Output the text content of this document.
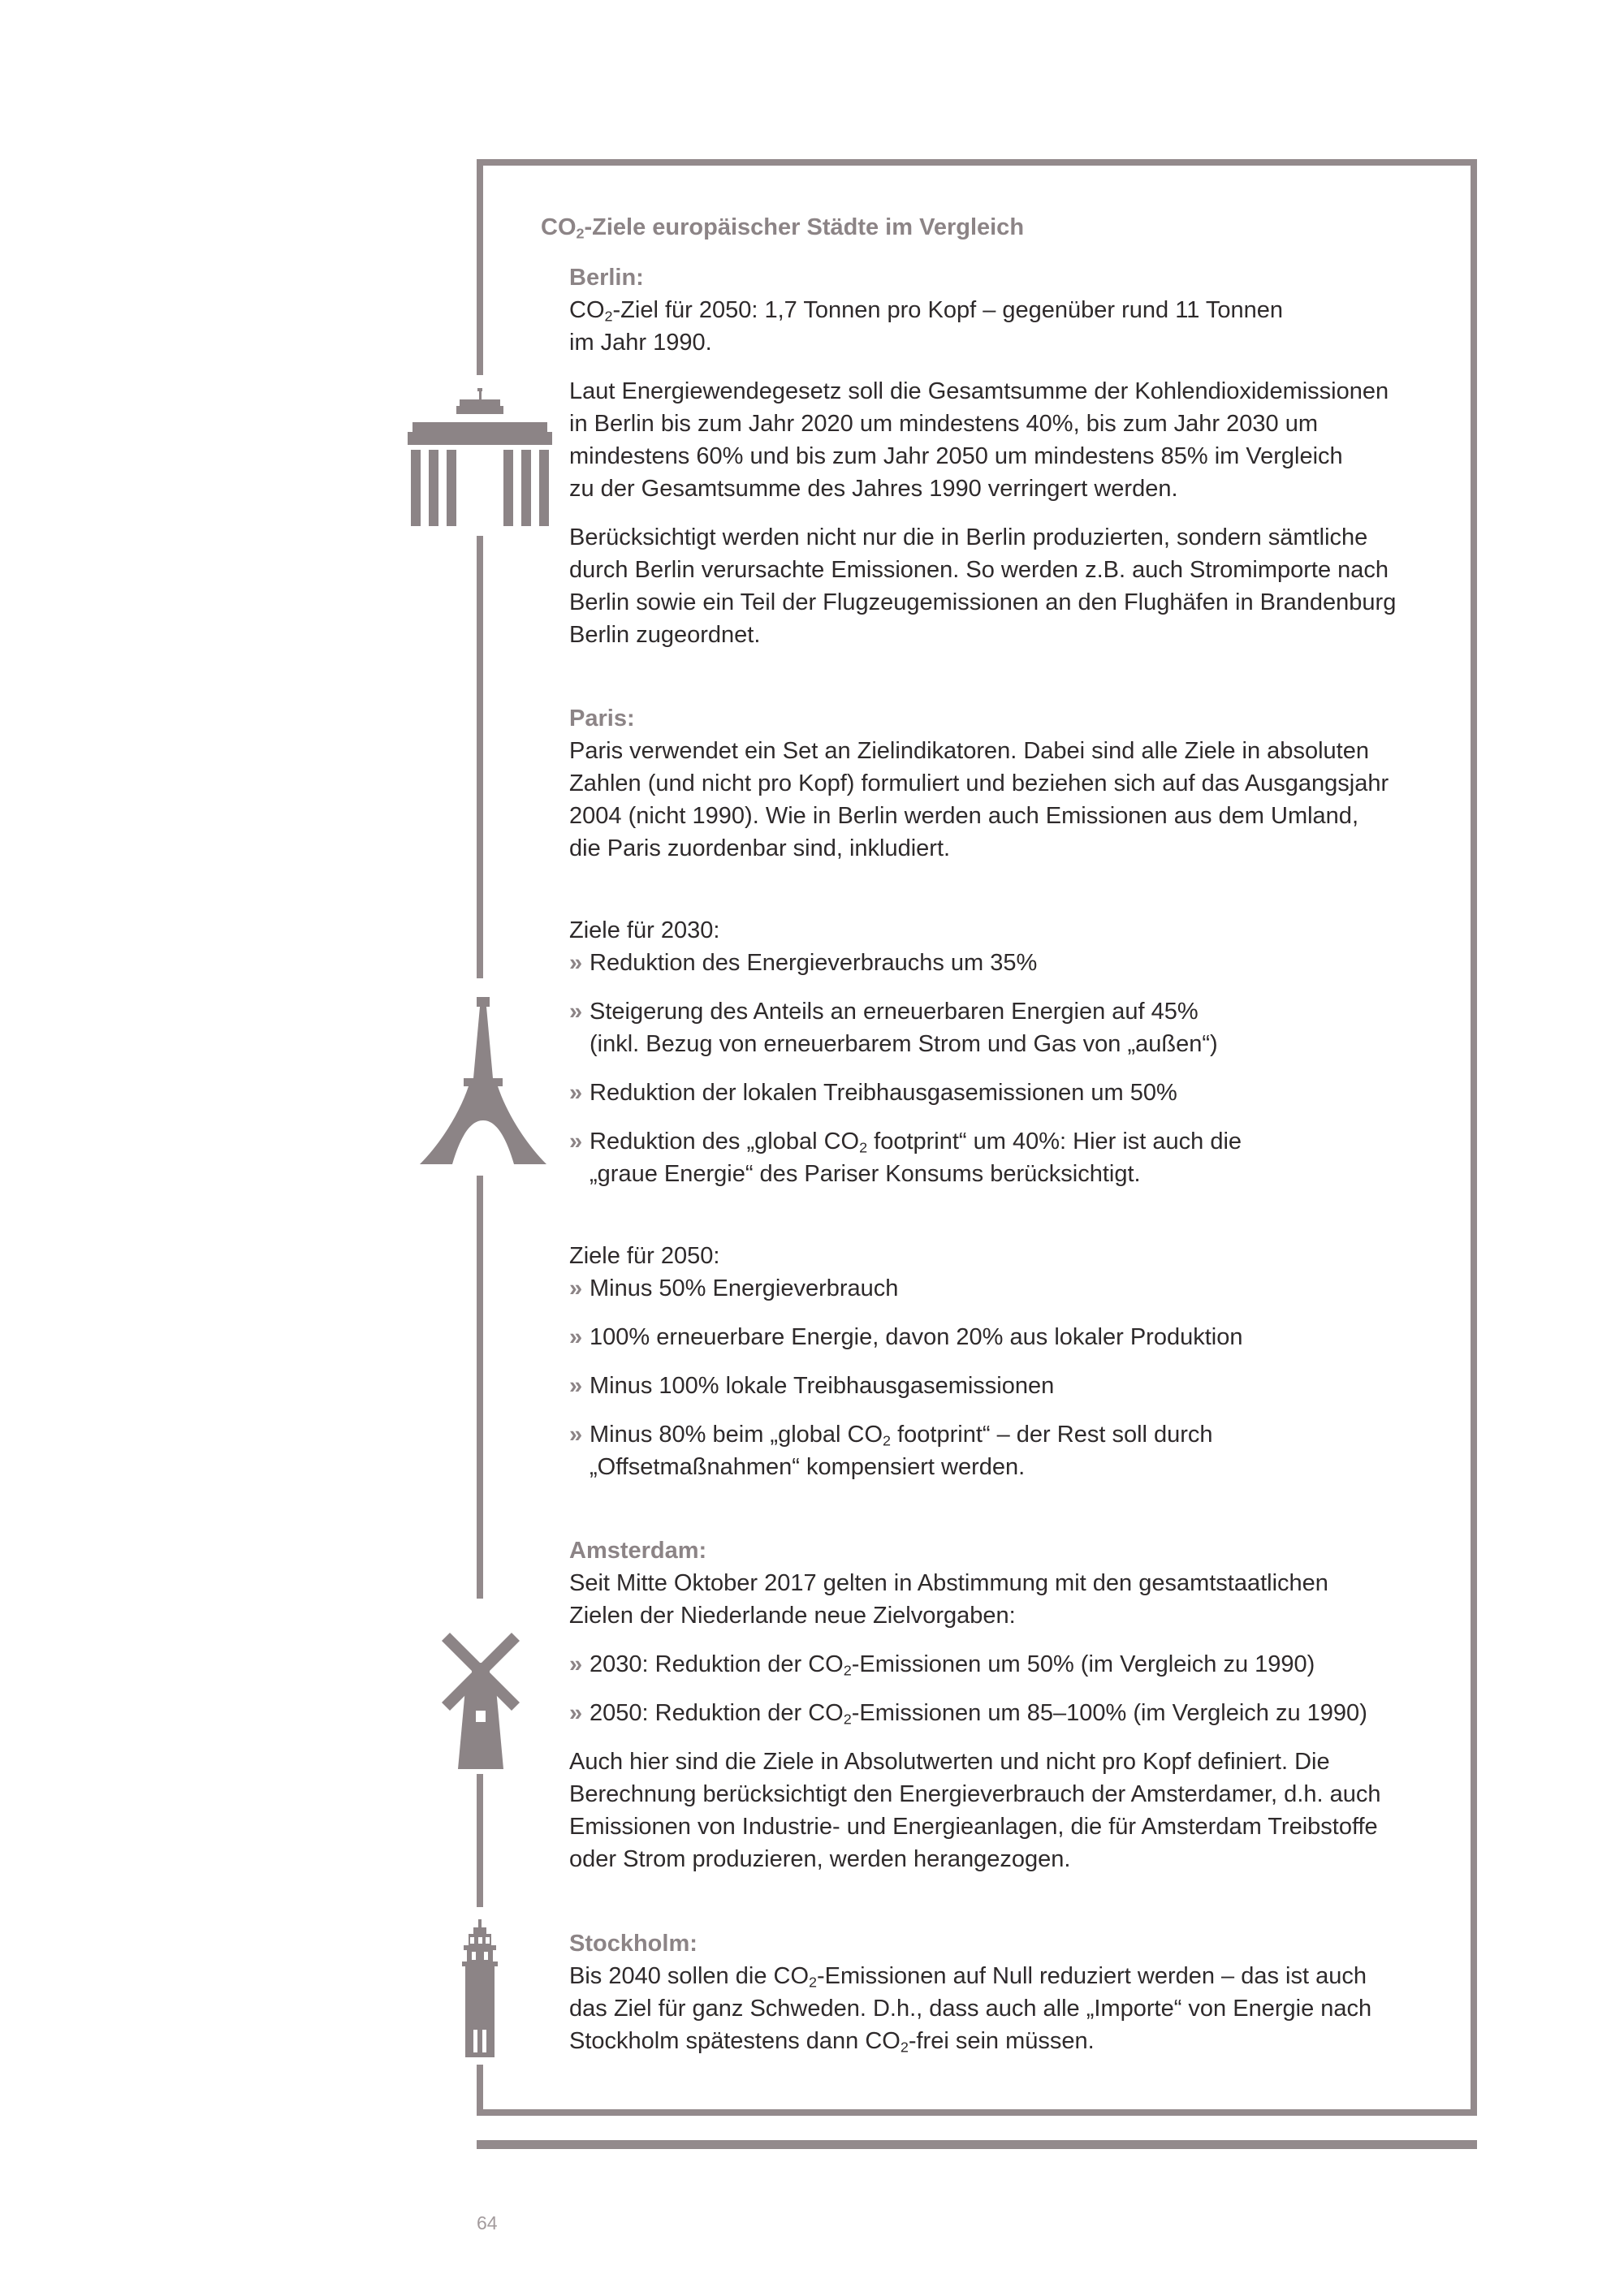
$CO_2$-Ziele europäischer Städte im Vergleich

Berlin:

$CO_2$-Ziel für 2050: 1,7 Tonnen pro Kopf – gegenüber rund 11 Tonnen

im Jahr 1990.

Laut Energiewendegesetz soll die Gesamtsumme der Kohlendioxidemissionen

in Berlin bis zum Jahr 2020 um mindestens 40%, bis zum Jahr 2030 um

mindestens 60% und bis zum Jahr 2050 um mindestens 85% im Vergleich

zu der Gesamtsumme des Jahres 1990 verringert werden.

Berücksichtigt werden nicht nur die in Berlin produzierten, sondern sämtliche

durch Berlin verursachte Emissionen. So werden z.B. auch Stromimporte nach

Berlin sowie ein Teil der Flugzeugemissionen an den Flughäfen in Brandenburg

Berlin zugeordnet.

Paris:

Paris verwendet ein Set an Zielindikatoren. Dabei sind alle Ziele in absoluten

Zahlen (und nicht pro Kopf) formuliert und beziehen sich auf das Ausgangsjahr

2004 (nicht 1990). Wie in Berlin werden auch Emissionen aus dem Umland,

die Paris zuordenbar sind, inkludiert.

Ziele für 2030:

» Reduktion des Energieverbrauchs um 35%

» Steigerung des Anteils an erneuerbaren Energien auf 45%
(inkl. Bezug von erneuerbarem Strom und Gas von „außen“)

» Reduktion der lokalen Treibhausgasemissionen um 50%

» Reduktion des „global $CO_2$ footprint“ um 40%: Hier ist auch die
„graue Energie“ des Pariser Konsums berücksichtigt.

Ziele für 2050:

» Minus 50% Energieverbrauch

» 100% erneuerbare Energie, davon 20% aus lokaler Produktion

» Minus 100% lokale Treibhausgasemissionen

» Minus 80% beim „global $CO_2$ footprint“ – der Rest soll durch
„Offsetmaßnahmen“ kompensiert werden.

Amsterdam:

Seit Mitte Oktober 2017 gelten in Abstimmung mit den gesamtstaatlichen

Zielen der Niederlande neue Zielvorgaben:

» 2030: Reduktion der $CO_2$-Emissionen um 50% (im Vergleich zu 1990)

» 2050: Reduktion der $CO_2$-Emissionen um 85–100% (im Vergleich zu 1990)

Auch hier sind die Ziele in Absolutwerten und nicht pro Kopf definiert. Die

Berechnung berücksichtigt den Energieverbrauch der Amsterdamer, d.h. auch

Emissionen von Industrie- und Energieanlagen, die für Amsterdam Treibstoffe

oder Strom produzieren, werden herangezogen.

Stockholm:

Bis 2040 sollen die $CO_2$-Emissionen auf Null reduziert werden – das ist auch

das Ziel für ganz Schweden. D.h., dass auch alle „Importe“ von Energie nach

Stockholm spätestens dann $CO_2$-frei sein müssen.

64
